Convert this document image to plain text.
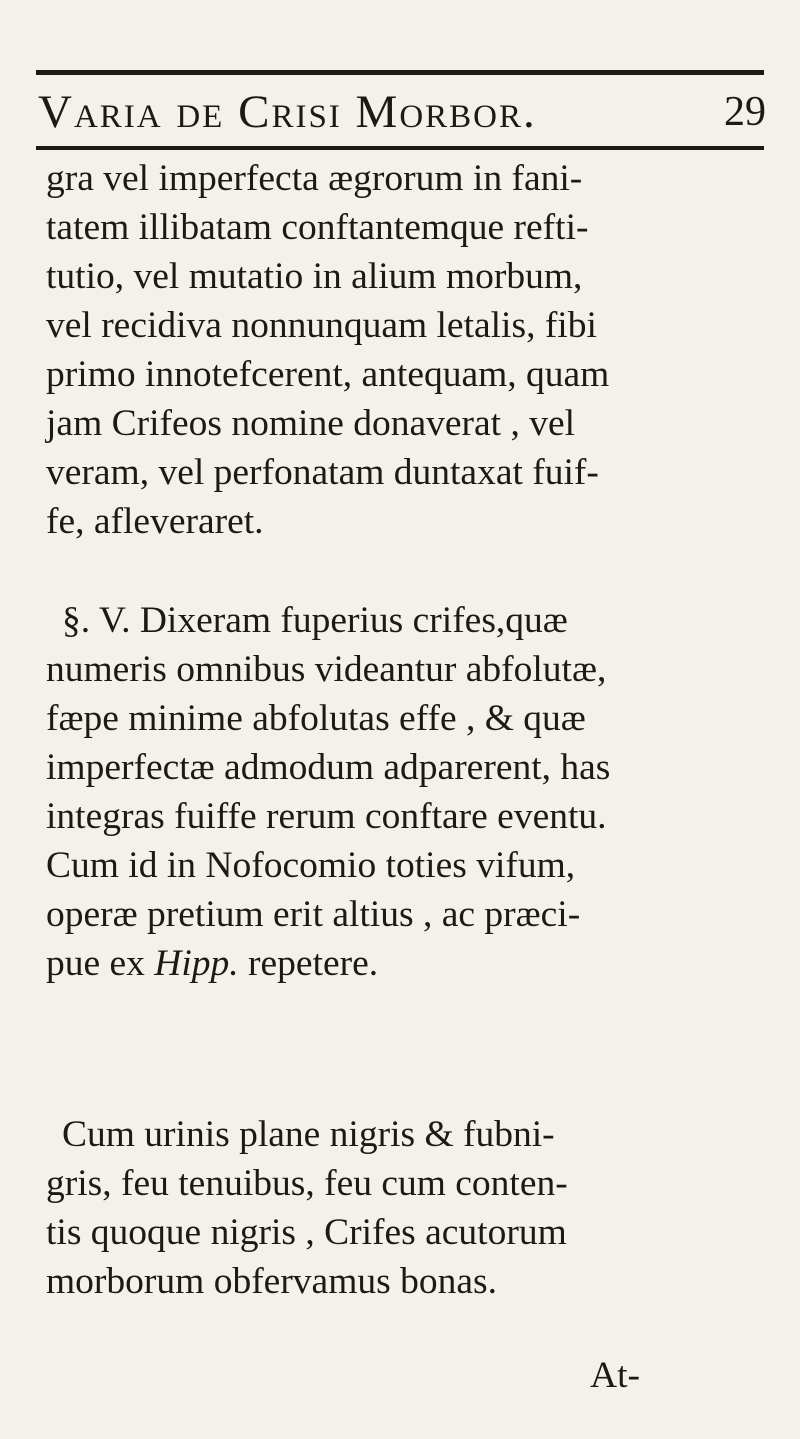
Varia de Crisi Morbor.	29
gra vel imperfecta ægrorum in fani-
tatem illibatam conftantemque refti-
tutio, vel mutatio in alium morbum,
vel recidiva nonnunquam letalis, fibi
primo innotefcerent, antequam, quam
jam Crifeos nomine donaverat , vel
veram, vel perfonatam duntaxat fuif-
fe, afleveraret.
§. V. Dixeram fuperius crifes,quæ
numeris omnibus videantur abfolutæ,
fæpe minime abfolutas effe , & quæ
imperfectæ admodum adparerent, has
integras fuiffe rerum conftare eventu.
Cum id in Nofocomio toties vifum,
operæ pretium erit altius , ac præci-
pue ex Hipp. repetere.
Cum urinis plane nigris & fubni-
gris, feu tenuibus, feu cum conten-
tis quoque nigris , Crifes acutorum
morborum obfervamus bonas.
At-
